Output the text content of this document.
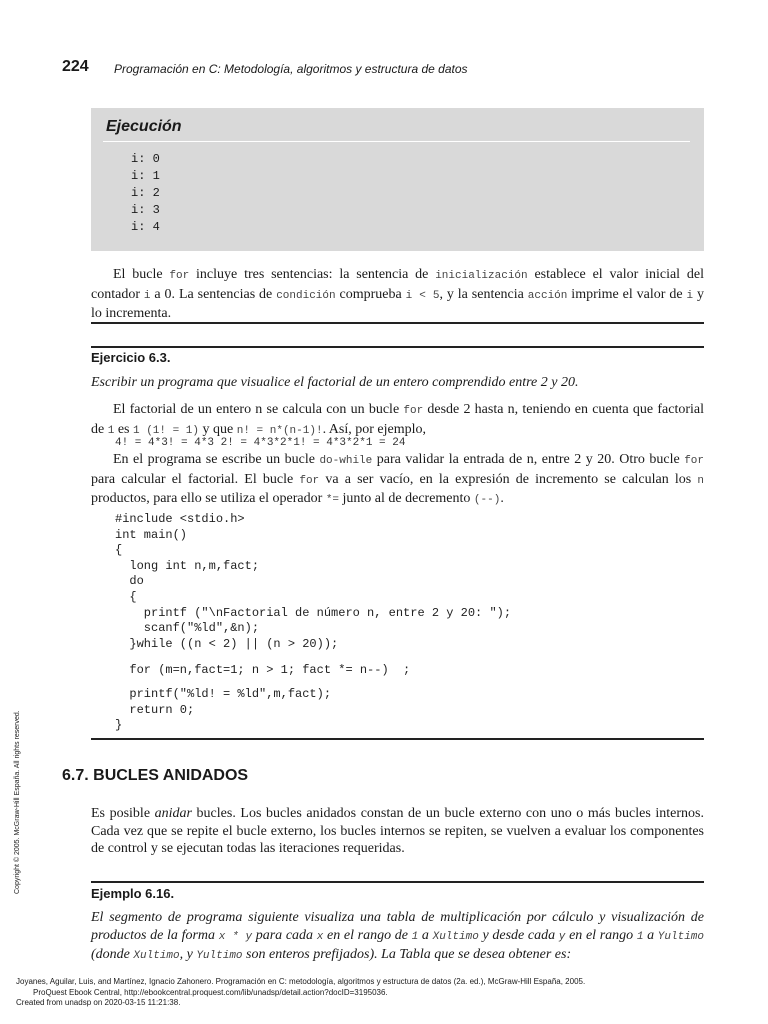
224 Programación en C: Metodología, algoritmos y estructura de datos
Ejecución
i: 0
i: 1
i: 2
i: 3
i: 4
El bucle for incluye tres sentencias: la sentencia de inicialización establece el valor inicial del contador i a 0. La sentencias de condición comprueba i < 5, y la sentencia acción imprime el valor de i y lo incrementa.
Ejercicio 6.3.
Escribir un programa que visualice el factorial de un entero comprendido entre 2 y 20.
El factorial de un entero n se calcula con un bucle for desde 2 hasta n, teniendo en cuenta que factorial de 1 es 1 (1! = 1) y que n! = n*(n-1)!. Así, por ejemplo,
4! = 4*3! = 4*3 2! = 4*3*2*1! = 4*3*2*1 = 24
En el programa se escribe un bucle do-while para validar la entrada de n, entre 2 y 20. Otro bucle for para calcular el factorial. El bucle for va a ser vacío, en la expresión de incremento se calculan los n productos, para ello se utiliza el operador *= junto al de decremento (--).
#include <stdio.h>
int main()
{
long int n,m,fact;
do
{
printf ("\nFactorial de número n, entre 2 y 20: ");
scanf("%ld",&n);
}while ((n < 2) || (n > 20));
for (m=n,fact=1; n > 1; fact *= n--)  ;
printf("%ld! = %ld",m,fact);
return 0;
}
6.7. BUCLES ANIDADOS
Es posible anidar bucles. Los bucles anidados constan de un bucle externo con uno o más bucles internos. Cada vez que se repite el bucle externo, los bucles internos se repiten, se vuelven a evaluar los componentes de control y se ejecutan todas las iteraciones requeridas.
Ejemplo 6.16.
El segmento de programa siguiente visualiza una tabla de multiplicación por cálculo y visualización de productos de la forma x * y para cada x en el rango de 1 a Xultimo y desde cada y en el rango 1 a Yultimo (donde Xultimo, y Yultimo son enteros prefijados). La Tabla que se desea obtener es:
Copyright © 2005. McGraw-Hill España. All rights reserved.
Joyanes, Aguilar, Luis, and Martínez, Ignacio Zahonero. Programación en C: metodología, algoritmos y estructura de datos (2a. ed.), McGraw-Hill España, 2005.
ProQuest Ebook Central, http://ebookcentral.proquest.com/lib/unadsp/detail.action?docID=3195036.
Created from unadsp on 2020-03-15 11:21:38.
